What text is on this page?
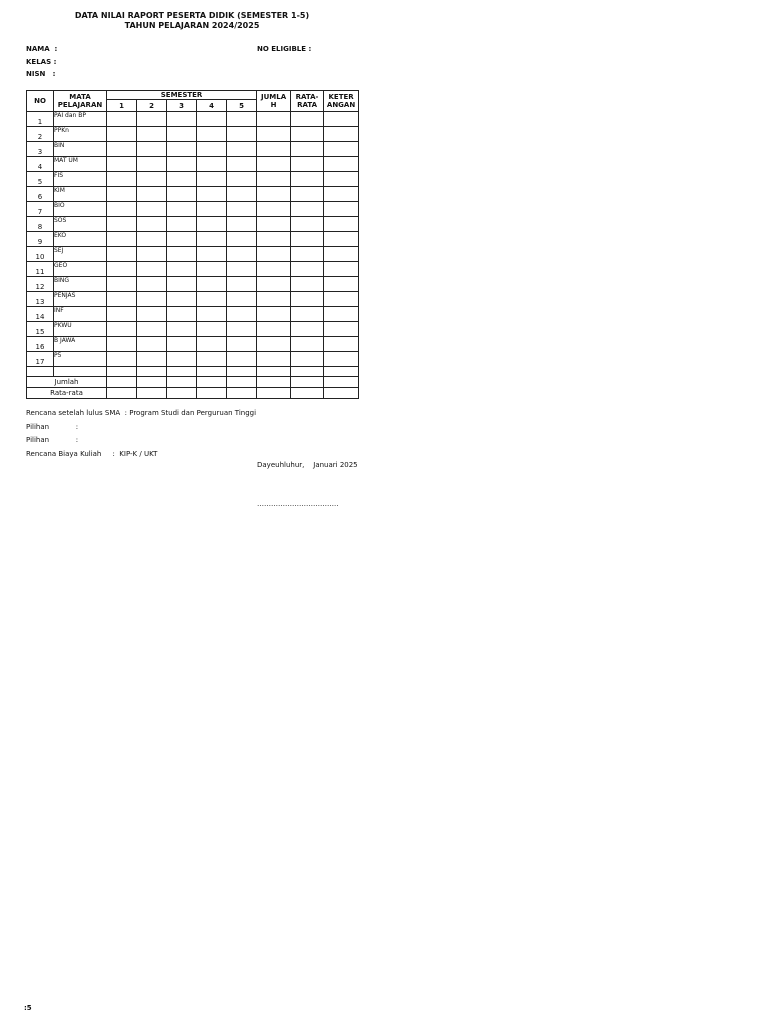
DATA NILAI RAPORT PESERTA DIDIK (SEMESTER 1-5)
TAHUN PELAJARAN 2024/2025
NAMA  :	NO ELIGIBLE :
KELAS :
NISN   :
NO	MATA PELAJARAN	SEMESTER					JUMLA H	RATA-RATA	KETER ANGAN
		1	2	3	4	5			
1	PAI dan BP								
2	PPKn								
3	BIN								
4	MAT UM								
5	FIS								
6	KIM								
7	BIO								
8	SOS								
9	EKO								
10	SEJ								
11	GEO								
12	BING								
13	PENJAS								
14	INF								
15	PKWU								
16	B JAWA								
17	P5								

Jumlah									
Rata-rata									
Rencana setelah lulus SMA  : Program Studi dan Perguruan Tinggi
Pilihan            :
Pilihan            :
Rencana Biaya Kuliah     :  KIP-K / UKT
Dayeuhluhur,    Januari 2025
……………………………..

:5
